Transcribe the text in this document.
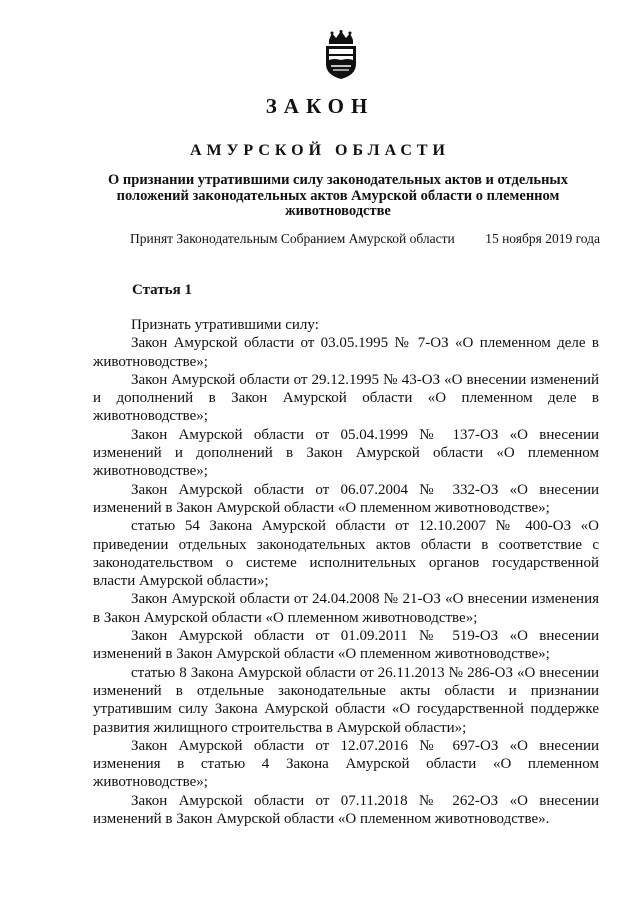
ЗАКОН
АМУРСКОЙ ОБЛАСТИ
О признании утратившими силу законодательных актов и отдельных положений законодательных актов Амурской области о племенном животноводстве
Принят Законодательным Собранием Амурской области 15 ноября 2019 года
Статья 1

Признать утратившими силу:

Закон Амурской области от 03.05.1995 № 7-ОЗ «О племенном деле в животноводстве»;

Закон Амурской области от 29.12.1995 № 43-ОЗ «О внесении изменений и дополнений в Закон Амурской области «О племенном деле в животноводстве»;

Закон Амурской области от 05.04.1999 № 137-ОЗ «О внесении изменений и дополнений в Закон Амурской области «О племенном животноводстве»;

Закон Амурской области от 06.07.2004 № 332-ОЗ «О внесении изменений в Закон Амурской области «О племенном животноводстве»;

статью 54 Закона Амурской области от 12.10.2007 № 400-ОЗ «О приведении отдельных законодательных актов области в соответствие с законодательством о системе исполнительных органов государственной власти Амурской области»;

Закон Амурской области от 24.04.2008 № 21-ОЗ «О внесении изменения в Закон Амурской области «О племенном животноводстве»;

Закон Амурской области от 01.09.2011 № 519-ОЗ «О внесении изменений в Закон Амурской области «О племенном животноводстве»;

статью 8 Закона Амурской области от 26.11.2013 № 286-ОЗ «О внесении изменений в отдельные законодательные акты области и признании утратившим силу Закона Амурской области «О государственной поддержке развития жилищного строительства в Амурской области»;

Закон Амурской области от 12.07.2016 № 697-ОЗ «О внесении изменения в статью 4 Закона Амурской области «О племенном животноводстве»;

Закон Амурской области от 07.11.2018 № 262-ОЗ «О внесении изменений в Закон Амурской области «О племенном животноводстве».
